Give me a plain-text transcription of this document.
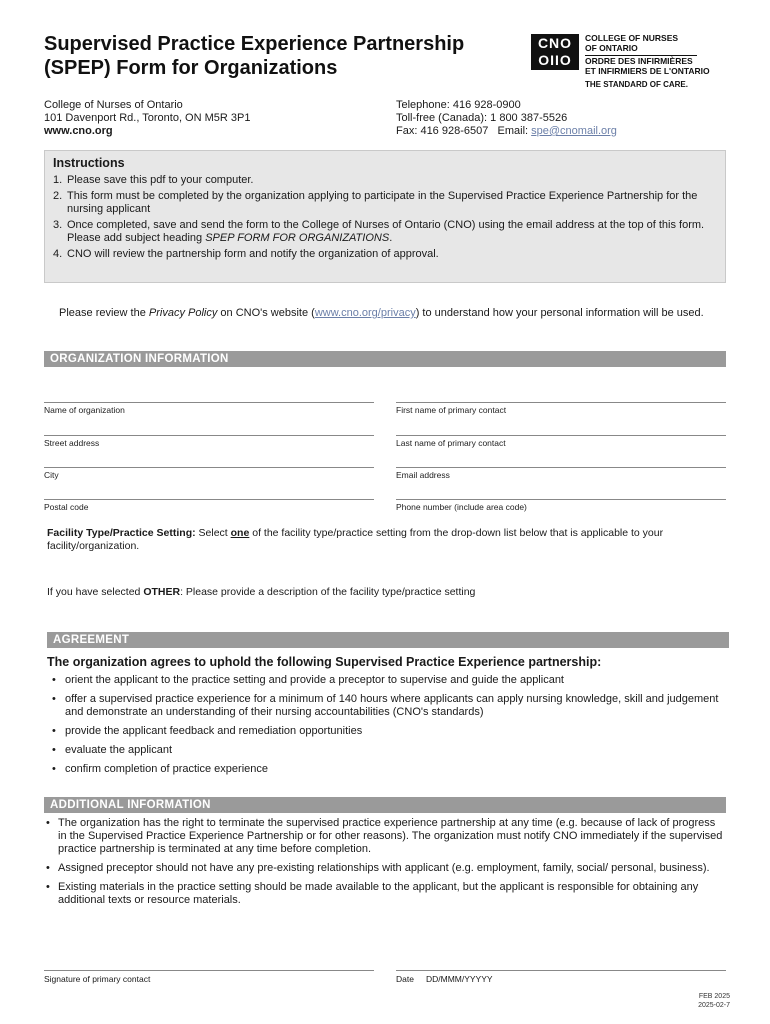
Supervised Practice Experience Partnership (SPEP) Form for Organizations
CNO
OIIO
COLLEGE OF NURSES
OF ONTARIO
ORDRE DES INFIRMIÈRES
ET INFIRMIERS DE L'ONTARIO
THE STANDARD OF CARE.
College of Nurses of Ontario
101 Davenport Rd., Toronto, ON M5R 3P1
www.cno.org
Telephone: 416 928-0900
Toll-free (Canada): 1 800 387-5526
Fax: 416 928-6507 Email: spe@cnomail.org
Instructions
1. Please save this pdf to your computer.
2. This form must be completed by the organization applying to participate in the Supervised Practice Experience Partnership for the nursing applicant
3. Once completed, save and send the form to the College of Nurses of Ontario (CNO) using the email address at the top of this form. Please add subject heading SPEP FORM FOR ORGANIZATIONS.
4. CNO will review the partnership form and notify the organization of approval.
Please review the Privacy Policy on CNO's website (www.cno.org/privacy) to understand how your personal information will be used.
ORGANIZATION INFORMATION
Name of organization	First name of primary contact
Street address	Last name of primary contact
City	Email address
Postal code	Phone number (include area code)
Facility Type/Practice Setting: Select one of the facility type/practice setting from the drop-down list below that is applicable to your facility/organization.
If you have selected OTHER: Please provide a description of the facility type/practice setting
AGREEMENT
The organization agrees to uphold the following Supervised Practice Experience partnership:
• orient the applicant to the practice setting and provide a preceptor to supervise and guide the applicant
• offer a supervised practice experience for a minimum of 140 hours where applicants can apply nursing knowledge, skill and judgement and demonstrate an understanding of their nursing accountabilities (CNO's standards)
• provide the applicant feedback and remediation opportunities
• evaluate the applicant
• confirm completion of practice experience
ADDITIONAL INFORMATION
• The organization has the right to terminate the supervised practice experience partnership at any time (e.g. because of lack of progress in the Supervised Practice Experience Partnership or for other reasons). The organization must notify CNO immediately if the supervised practice partnership is terminated at any time before completion.
• Assigned preceptor should not have any pre-existing relationships with applicant (e.g. employment, family, social/ personal, business).
• Existing materials in the practice setting should be made available to the applicant, but the applicant is responsible for obtaining any additional texts or resource materials.
Signature of primary contact	Date DD/MMM/YYYYY
FEB 2025
2025-02-7
